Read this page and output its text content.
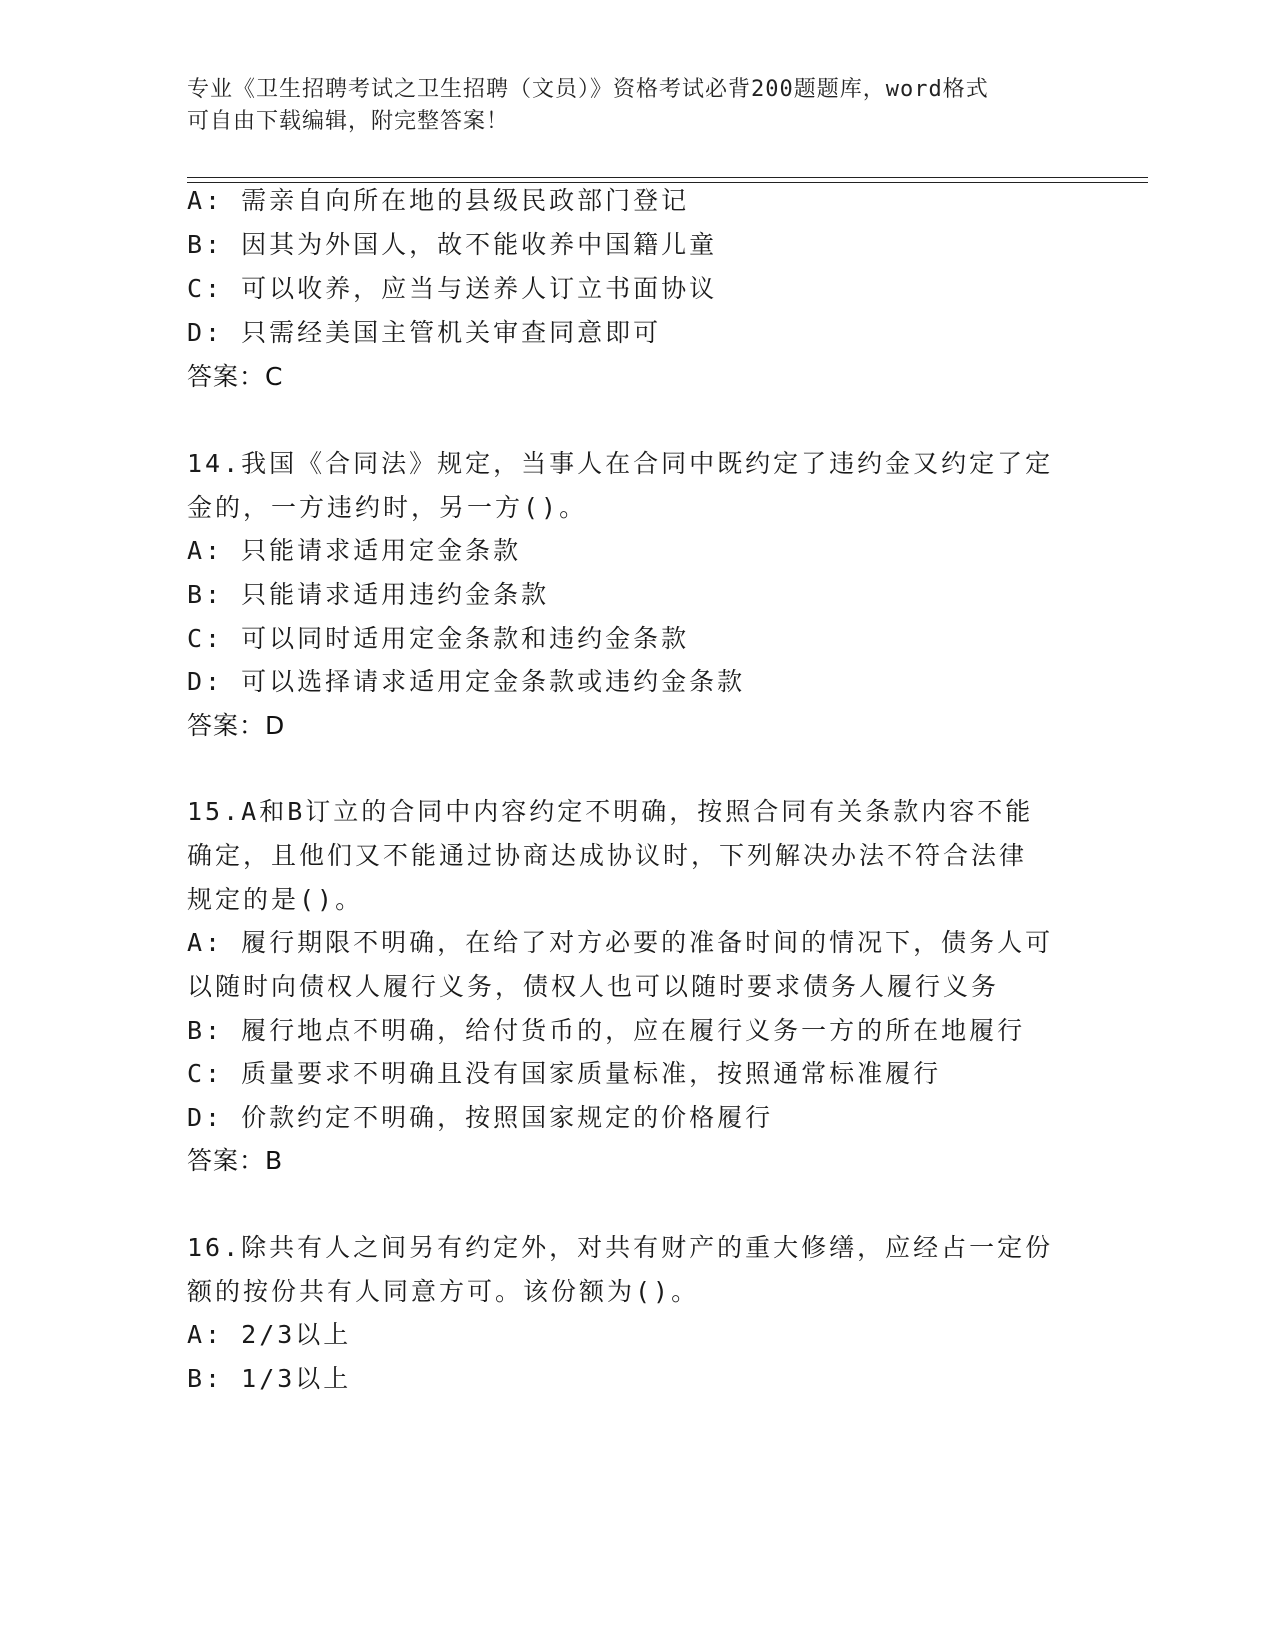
专业《卫生招聘考试之卫生招聘（文员）》资格考试必背200题题库，word格式
可自由下载编辑，附完整答案！
A: 需亲自向所在地的县级民政部门登记
B: 因其为外国人，故不能收养中国籍儿童
C: 可以收养，应当与送养人订立书面协议
D: 只需经美国主管机关审查同意即可
答案：C
14.我国《合同法》规定，当事人在合同中既约定了违约金又约定了定
金的，一方违约时，另一方()。
A: 只能请求适用定金条款
B: 只能请求适用违约金条款
C: 可以同时适用定金条款和违约金条款
D: 可以选择请求适用定金条款或违约金条款
答案：D
15.A和B订立的合同中内容约定不明确，按照合同有关条款内容不能
确定，且他们又不能通过协商达成协议时，下列解决办法不符合法律
规定的是()。
A: 履行期限不明确，在给了对方必要的准备时间的情况下，债务人可
以随时向债权人履行义务，债权人也可以随时要求债务人履行义务
B: 履行地点不明确，给付货币的，应在履行义务一方的所在地履行
C: 质量要求不明确且没有国家质量标准，按照通常标准履行
D: 价款约定不明确，按照国家规定的价格履行
答案：B
16.除共有人之间另有约定外，对共有财产的重大修缮，应经占一定份
额的按份共有人同意方可。该份额为()。
A: 2/3以上
B: 1/3以上
